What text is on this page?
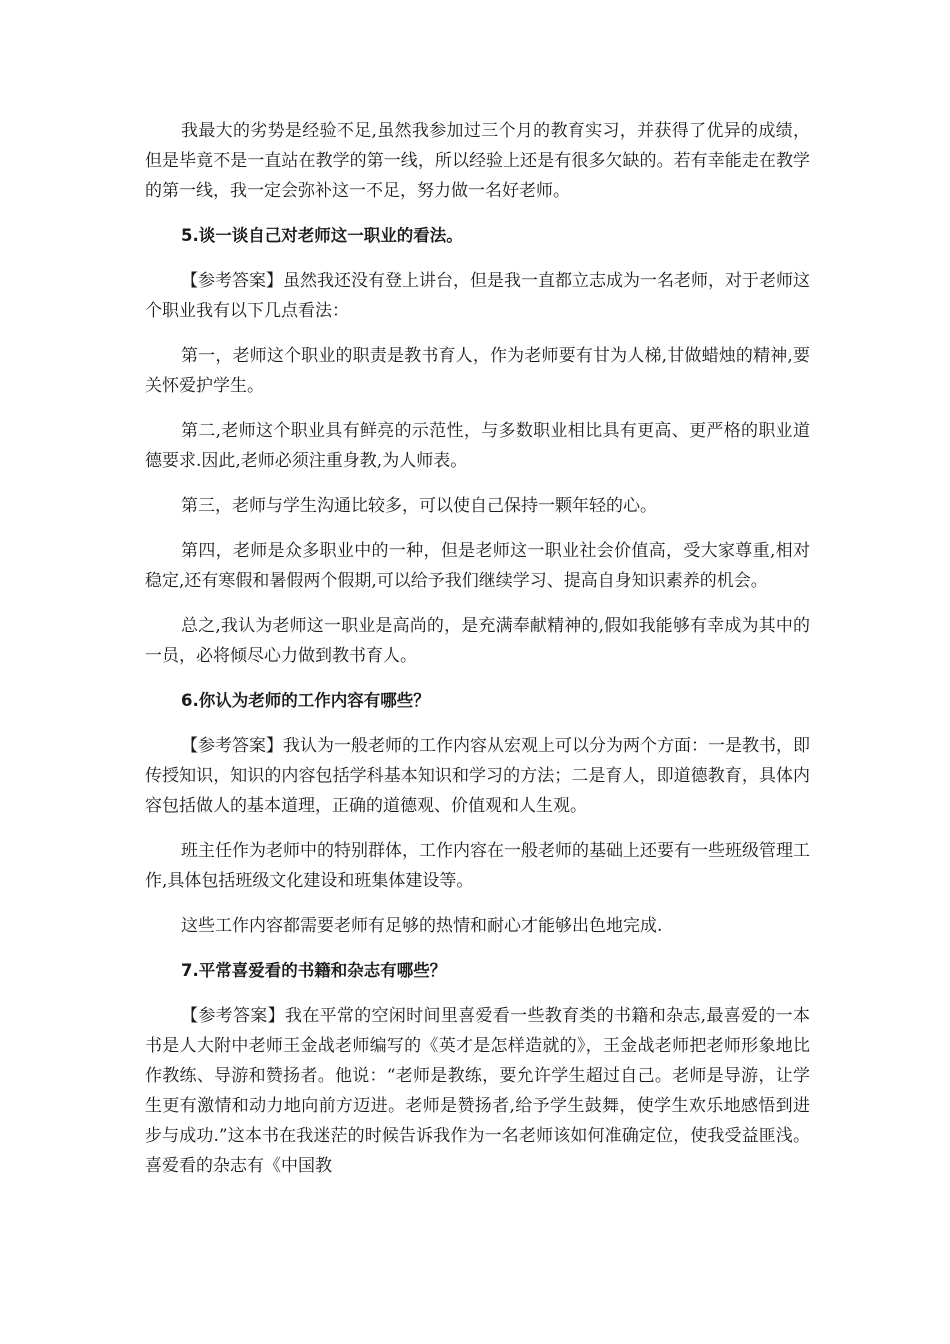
我最大的劣势是经验不足,虽然我参加过三个月的教育实习，并获得了优异的成绩，但是毕竟不是一直站在教学的第一线，所以经验上还是有很多欠缺的。若有幸能走在教学的第一线，我一定会弥补这一不足，努力做一名好老师。

5.谈一谈自己对老师这一职业的看法。

【参考答案】虽然我还没有登上讲台，但是我一直都立志成为一名老师，对于老师这个职业我有以下几点看法：

第一，老师这个职业的职责是教书育人，作为老师要有甘为人梯,甘做蜡烛的精神,要关怀爱护学生。

第二,老师这个职业具有鲜亮的示范性，与多数职业相比具有更高、更严格的职业道德要求.因此,老师必须注重身教,为人师表。

第三，老师与学生沟通比较多，可以使自己保持一颗年轻的心。

第四，老师是众多职业中的一种，但是老师这一职业社会价值高，受大家尊重,相对稳定,还有寒假和暑假两个假期,可以给予我们继续学习、提高自身知识素养的机会。

总之,我认为老师这一职业是高尚的，是充满奉献精神的,假如我能够有幸成为其中的一员，必将倾尽心力做到教书育人。

6.你认为老师的工作内容有哪些？

【参考答案】我认为一般老师的工作内容从宏观上可以分为两个方面：一是教书，即传授知识，知识的内容包括学科基本知识和学习的方法；二是育人，即道德教育，具体内容包括做人的基本道理，正确的道德观、价值观和人生观。

班主任作为老师中的特别群体，工作内容在一般老师的基础上还要有一些班级管理工作,具体包括班级文化建设和班集体建设等。

这些工作内容都需要老师有足够的热情和耐心才能够出色地完成.

7.平常喜爱看的书籍和杂志有哪些？

【参考答案】我在平常的空闲时间里喜爱看一些教育类的书籍和杂志,最喜爱的一本书是人大附中老师王金战老师编写的《英才是怎样造就的》，王金战老师把老师形象地比作教练、导游和赞扬者。他说：“老师是教练，要允许学生超过自己。老师是导游，让学生更有激情和动力地向前方迈进。老师是赞扬者,给予学生鼓舞，使学生欢乐地感悟到进步与成功.”这本书在我迷茫的时候告诉我作为一名老师该如何准确定位，使我受益匪浅。喜爱看的杂志有《中国教
